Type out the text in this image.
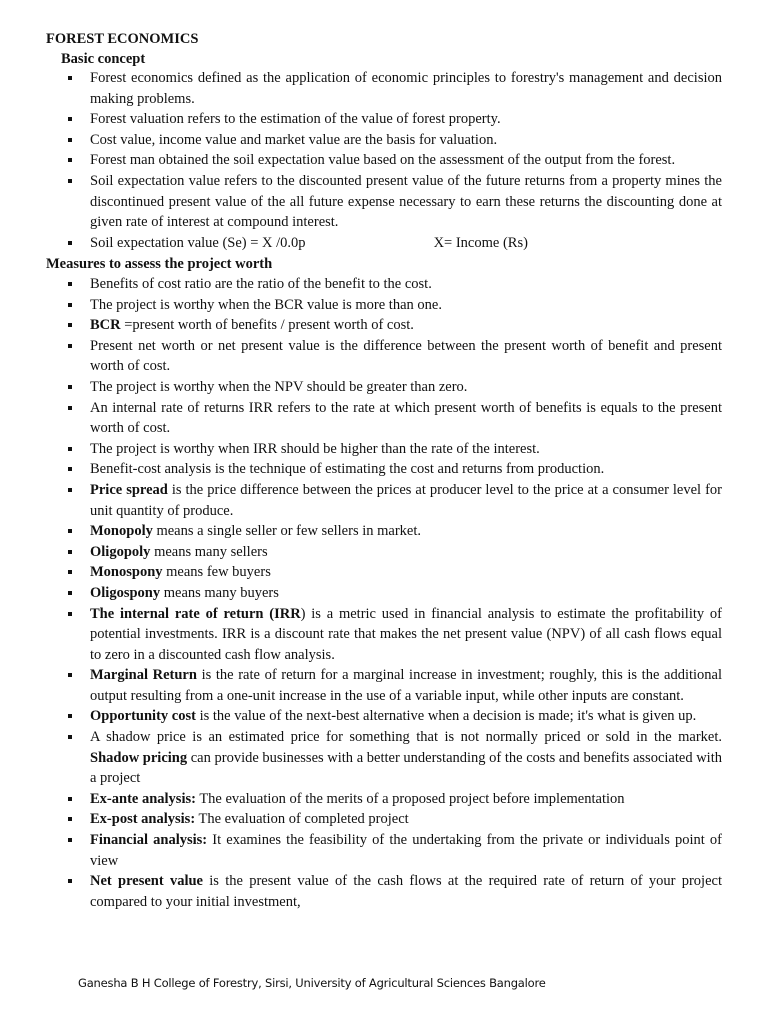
FOREST ECONOMICS
Basic concept
Forest economics defined as the application of economic principles to forestry's management and decision making problems.
Forest valuation refers to the estimation of the value of forest property.
Cost value, income value and market value are the basis for valuation.
Forest man obtained the soil expectation value based on the assessment of the output from the forest.
Soil expectation value refers to the discounted present value of the future returns from a property mines the discontinued present value of the all future expense necessary to earn these returns the discounting done at given rate of interest at compound interest.
Soil expectation value (Se) = X /0.0p	X= Income (Rs)
Measures to assess the project worth
Benefits of cost ratio are the ratio of the benefit to the cost.
The project is worthy when the BCR value is more than one.
BCR =present worth of benefits / present worth of cost.
Present net worth or net present value is the difference between the present worth of benefit and present worth of cost.
The project is worthy when the NPV should be greater than zero.
An internal rate of returns IRR refers to the rate at which present worth of benefits is equals to the present worth of cost.
The project is worthy when IRR should be higher than the rate of the interest.
Benefit-cost analysis is the technique of estimating the cost and returns from production.
Price spread is the price difference between the prices at producer level to the price at a consumer level for unit quantity of produce.
Monopoly means a single seller or few sellers in market.
Oligopoly means many sellers
Monospony means few buyers
Oligospony means many buyers
The internal rate of return (IRR) is a metric used in financial analysis to estimate the profitability of potential investments. IRR is a discount rate that makes the net present value (NPV) of all cash flows equal to zero in a discounted cash flow analysis.
Marginal Return is the rate of return for a marginal increase in investment; roughly, this is the additional output resulting from a one-unit increase in the use of a variable input, while other inputs are constant.
Opportunity cost is the value of the next-best alternative when a decision is made; it's what is given up.
A shadow price is an estimated price for something that is not normally priced or sold in the market. Shadow pricing can provide businesses with a better understanding of the costs and benefits associated with a project
Ex-ante analysis: The evaluation of the merits of a proposed project before implementation
Ex-post analysis: The evaluation of completed project
Financial analysis: It examines the feasibility of the undertaking from the private or individuals point of view
Net present value is the present value of the cash flows at the required rate of return of your project compared to your initial investment,
Ganesha B H College of Forestry, Sirsi, University of Agricultural Sciences Bangalore
